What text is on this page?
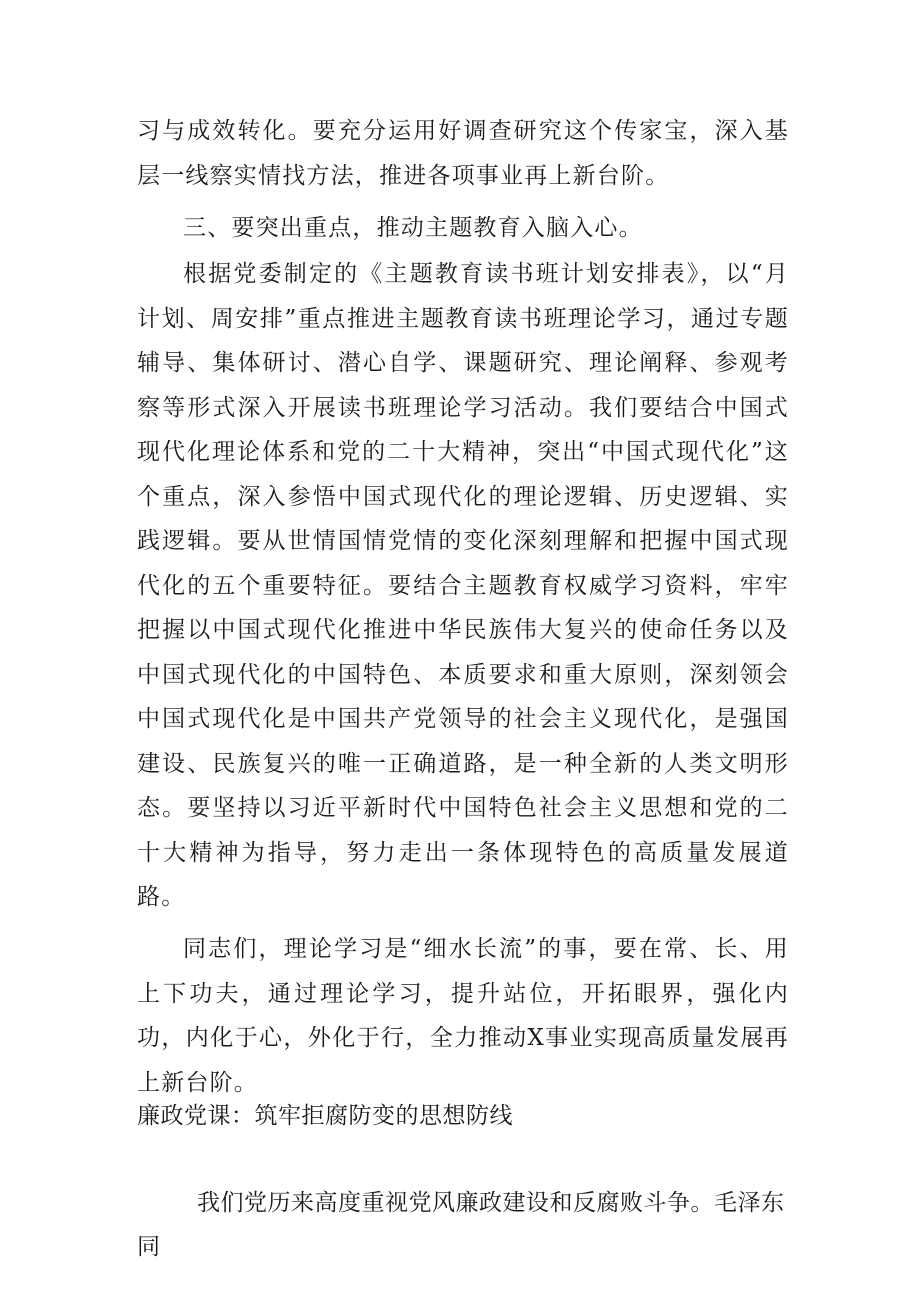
习与成效转化。要充分运用好调查研究这个传家宝，深入基层一线察实情找方法，推进各项事业再上新台阶。

三、要突出重点，推动主题教育入脑入心。

根据党委制定的《主题教育读书班计划安排表》，以“月计划、周安排”重点推进主题教育读书班理论学习，通过专题辅导、集体研讨、潜心自学、课题研究、理论阐释、参观考察等形式深入开展读书班理论学习活动。我们要结合中国式现代化理论体系和党的二十大精神，突出“中国式现代化”这个重点，深入参悟中国式现代化的理论逻辑、历史逻辑、实践逻辑。要从世情国情党情的变化深刻理解和把握中国式现代化的五个重要特征。要结合主题教育权威学习资料，牢牢把握以中国式现代化推进中华民族伟大复兴的使命任务以及中国式现代化的中国特色、本质要求和重大原则，深刻领会中国式现代化是中国共产党领导的社会主义现代化，是强国建设、民族复兴的唯一正确道路，是一种全新的人类文明形态。要坚持以习近平新时代中国特色社会主义思想和党的二十大精神为指导，努力走出一条体现特色的高质量发展道路。

同志们，理论学习是“细水长流”的事，要在常、长、用上下功夫，通过理论学习，提升站位，开拓眼界，强化内功，内化于心，外化于行，全力推动X事业实现高质量发展再上新台阶。

廉政党课：筑牢拒腐防变的思想防线

我们党历来高度重视党风廉政建设和反腐败斗争。毛泽东同
